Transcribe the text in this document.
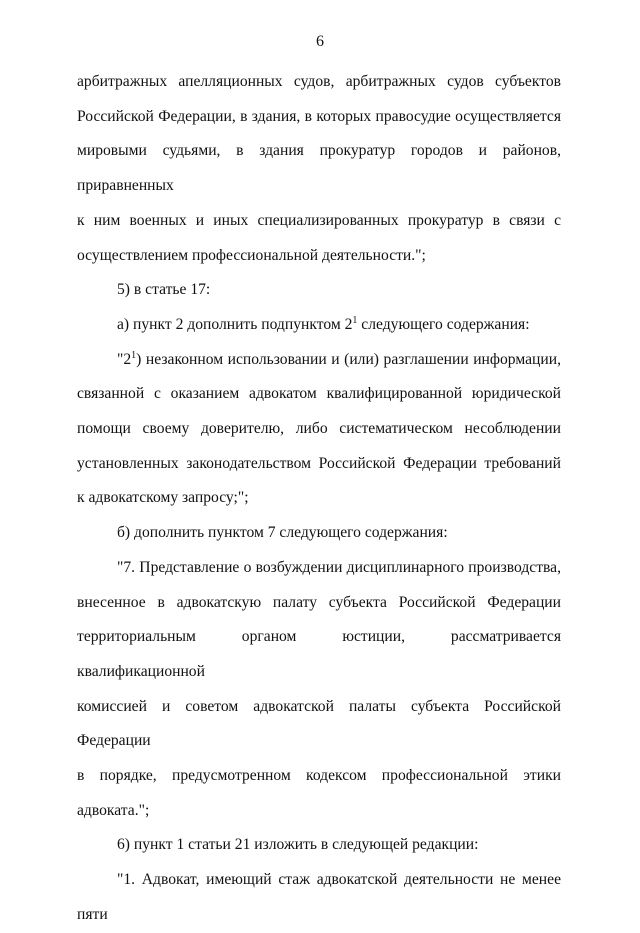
6
арбитражных апелляционных судов, арбитражных судов субъектов
Российской Федерации, в здания, в которых правосудие осуществляется
мировыми судьями, в здания прокуратур городов и районов, приравненных
к ним военных и иных специализированных прокуратур в связи с
осуществлением профессиональной деятельности.";
5) в статье 17:
а) пункт 2 дополнить подпунктом $2^1$ следующего содержания:
"$2^1$) незаконном использовании и (или) разглашении информации,
связанной с оказанием адвокатом квалифицированной юридической
помощи своему доверителю, либо систематическом несоблюдении
установленных законодательством Российской Федерации требований
к адвокатскому запросу;";
б) дополнить пунктом 7 следующего содержания:
"7. Представление о возбуждении дисциплинарного производства,
внесенное в адвокатскую палату субъекта Российской Федерации
территориальным органом юстиции, рассматривается квалификационной
комиссией и советом адвокатской палаты субъекта Российской Федерации
в порядке, предусмотренном кодексом профессиональной этики
адвоката.";
6) пункт 1 статьи 21 изложить в следующей редакции:
"1. Адвокат, имеющий стаж адвокатской деятельности не менее пяти
